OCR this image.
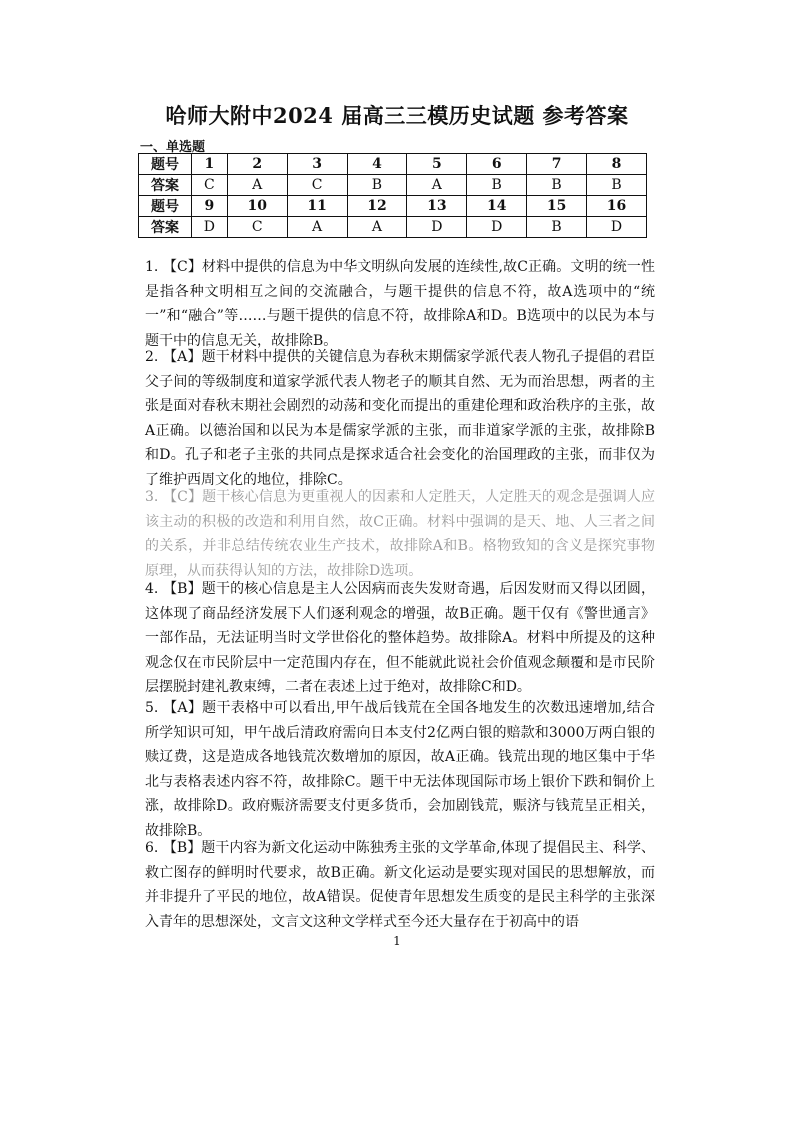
哈师大附中2024 届高三三模历史试题 参考答案
一、单选题
题号	1	2	3	4	5	6	7	8
答案	C	A	C	B	A	B	B	B
题号	9	10	11	12	13	14	15	16
答案	D	C	A	A	D	D	B	D
1. 【C】材料中提供的信息为中华文明纵向发展的连续性,故C正确。文明的统一性是指各种文明相互之间的交流融合，与题干提供的信息不符，故A选项中的“统一”和“融合”等……与题干提供的信息不符，故排除A和D。B选项中的以民为本与题干中的信息无关，故排除B。
2. 【A】题干材料中提供的关键信息为春秋末期儒家学派代表人物孔子提倡的君臣父子间的等级制度和道家学派代表人物老子的顺其自然、无为而治思想，两者的主张是面对春秋末期社会剧烈的动荡和变化而提出的重建伦理和政治秩序的主张，故A正确。以德治国和以民为本是儒家学派的主张，而非道家学派的主张，故排除B和D。孔子和老子主张的共同点是探求适合社会变化的治国理政的主张，而非仅为了维护西周文化的地位，排除C。
3. 【C】题干核心信息为更重视人的因素和人定胜天，人定胜天的观念是强调人应该主动的积极的改造和利用自然，故C正确。材料中强调的是天、地、人三者之间的关系，并非总结传统农业生产技术，故排除A和B。格物致知的含义是探究事物原理，从而获得认知的方法，故排除D选项。
4. 【B】题干的核心信息是主人公因病而丧失发财奇遇，后因发财而又得以团圆，这体现了商品经济发展下人们逐利观念的增强，故B正确。题干仅有《警世通言》一部作品，无法证明当时文学世俗化的整体趋势。故排除A。材料中所提及的这种观念仅在市民阶层中一定范围内存在，但不能就此说社会价值观念颠覆和是市民阶层摆脱封建礼教束缚，二者在表述上过于绝对，故排除C和D。
5. 【A】题干表格中可以看出,甲午战后钱荒在全国各地发生的次数迅速增加,结合所学知识可知，甲午战后清政府需向日本支付2亿两白银的赔款和3000万两白银的赎辽费，这是造成各地钱荒次数增加的原因，故A正确。钱荒出现的地区集中于华北与表格表述内容不符，故排除C。题干中无法体现国际市场上银价下跌和铜价上涨，故排除D。政府赈济需要支付更多货币，会加剧钱荒，赈济与钱荒呈正相关，故排除B。
6. 【B】题干内容为新文化运动中陈独秀主张的文学革命,体现了提倡民主、科学、救亡图存的鲜明时代要求，故B正确。新文化运动是要实现对国民的思想解放，而并非提升了平民的地位，故A错误。促使青年思想发生质变的是民主科学的主张深入青年的思想深处，文言文这种文学样式至今还大量存在于初高中的语
1
